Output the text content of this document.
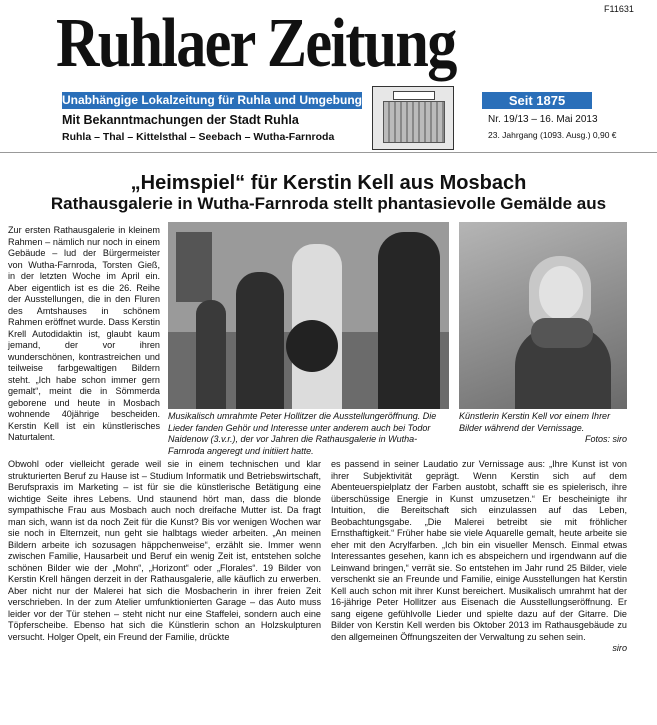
F11631
Ruhlaer Zeitung
Unabhängige Lokalzeitung für Ruhla und Umgebung
Mit Bekanntmachungen der Stadt Ruhla
Ruhla – Thal – Kittelsthal – Seebach – Wutha-Farnroda
Seit 1875
Nr. 19/13 – 16. Mai 2013
23. Jahrgang (1093. Ausg.) 0,90 €
„Heimspiel“ für Kerstin Kell aus Mosbach
Rathausgalerie in Wutha-Farnroda stellt phantasievolle Gemälde aus
Zur ersten Rathausgalerie in kleinem Rahmen – nämlich nur noch in einem Gebäude – lud der Bürgermeister von Wutha-Farnroda, Torsten Gieß, in der letzten Woche im April ein. Aber eigentlich ist es die 26. Reihe der Ausstellungen, die in den Fluren des Amtshauses in schönem Rahmen eröffnet wurde. Dass Kerstin Krell Autodidaktin ist, glaubt kaum jemand, der vor ihren wunderschönen, kontrastreichen und teilweise farbgewaltigen Bildern steht. „Ich habe schon immer gern gemalt“, meint die in Sömmerda geborene und heute in Mosbach wohnende 40jährige bescheiden. Kerstin Kell ist ein künstlerisches Naturtalent.
Musikalisch umrahmte Peter Hollitzer die Ausstellungeröffnung. Die Lieder fanden Gehör und Interesse unter anderem auch bei Todor Naidenow (3.v.r.), der vor Jahren die Rathausgalerie in Wutha-Farnroda angeregt und initiiert hatte.
Künstlerin Kerstin Kell vor einem Ihrer Bilder während der Vernissage.
Fotos: siro
Obwohl oder vielleicht gerade weil sie in einem technischen und klar strukturierten Beruf zu Hause ist – Studium Informatik und Betriebswirtschaft, Berufspraxis im Marketing – ist für sie die künstlerische Betätigung eine wichtige Seite ihres Lebens. Und staunend hört man, dass die blonde sympathische Frau aus Mosbach auch noch dreifache Mutter ist. Da fragt man sich, wann ist da noch Zeit für die Kunst? Bis vor wenigen Wochen war sie noch in Elternzeit, nun geht sie halbtags wieder arbeiten. „An meinen Bildern arbeite ich sozusagen häppchenweise“, erzählt sie. Immer wenn zwischen Familie, Hausarbeit und Beruf ein wenig Zeit ist, entstehen solche schönen Bilder wie der „Mohn“, „Horizont“ oder „Florales“. 19 Bilder von Kerstin Krell hängen derzeit in der Rathausgalerie, alle käuflich zu erwerben. Aber nicht nur der Malerei hat sich die Mosbacherin in ihrer freien Zeit verschrieben. In der zum Atelier umfunktionierten Garage – das Auto muss leider vor der Tür stehen – steht nicht nur eine Staffelei, sondern auch eine Töpferscheibe. Ebenso hat sich die Künstlerin schon an Holzskulpturen versucht. Holger Opelt, ein Freund der Familie, drückte
es passend in seiner Laudatio zur Vernissage aus: „Ihre Kunst ist von ihrer Subjektivität geprägt. Wenn Kerstin sich auf dem Abenteuerspielplatz der Farben austobt, schafft sie es spielerisch, ihre überschüssige Energie in Kunst umzusetzen.“ Er bescheinigte ihr Intuition, die Bereitschaft sich einzulassen auf das Leben, Beobachtungsgabe. „Die Malerei betreibt sie mit fröhlicher Ernsthaftigkeit.“ Früher habe sie viele Aquarelle gemalt, heute arbeite sie eher mit den Acrylfarben. „Ich bin ein visueller Mensch. Einmal etwas Interessantes gesehen, kann ich es abspeichern und irgendwann auf die Leinwand bringen,“ verrät sie. So entstehen im Jahr rund 25 Bilder, viele verschenkt sie an Freunde und Familie, einige Ausstellungen hat Kerstin Kell auch schon mit ihrer Kunst bereichert. Musikalisch umrahmt hat der 16-jährige Peter Hollitzer aus Eisenach die Ausstellungseröffnung. Er sang eigene gefühlvolle Lieder und spielte dazu auf der Gitarre. Die Bilder von Kerstin Kell werden bis Oktober 2013 im Rathausgebäude zu den allgemeinen Öffnungszeiten der Verwaltung zu sehen sein.
siro
